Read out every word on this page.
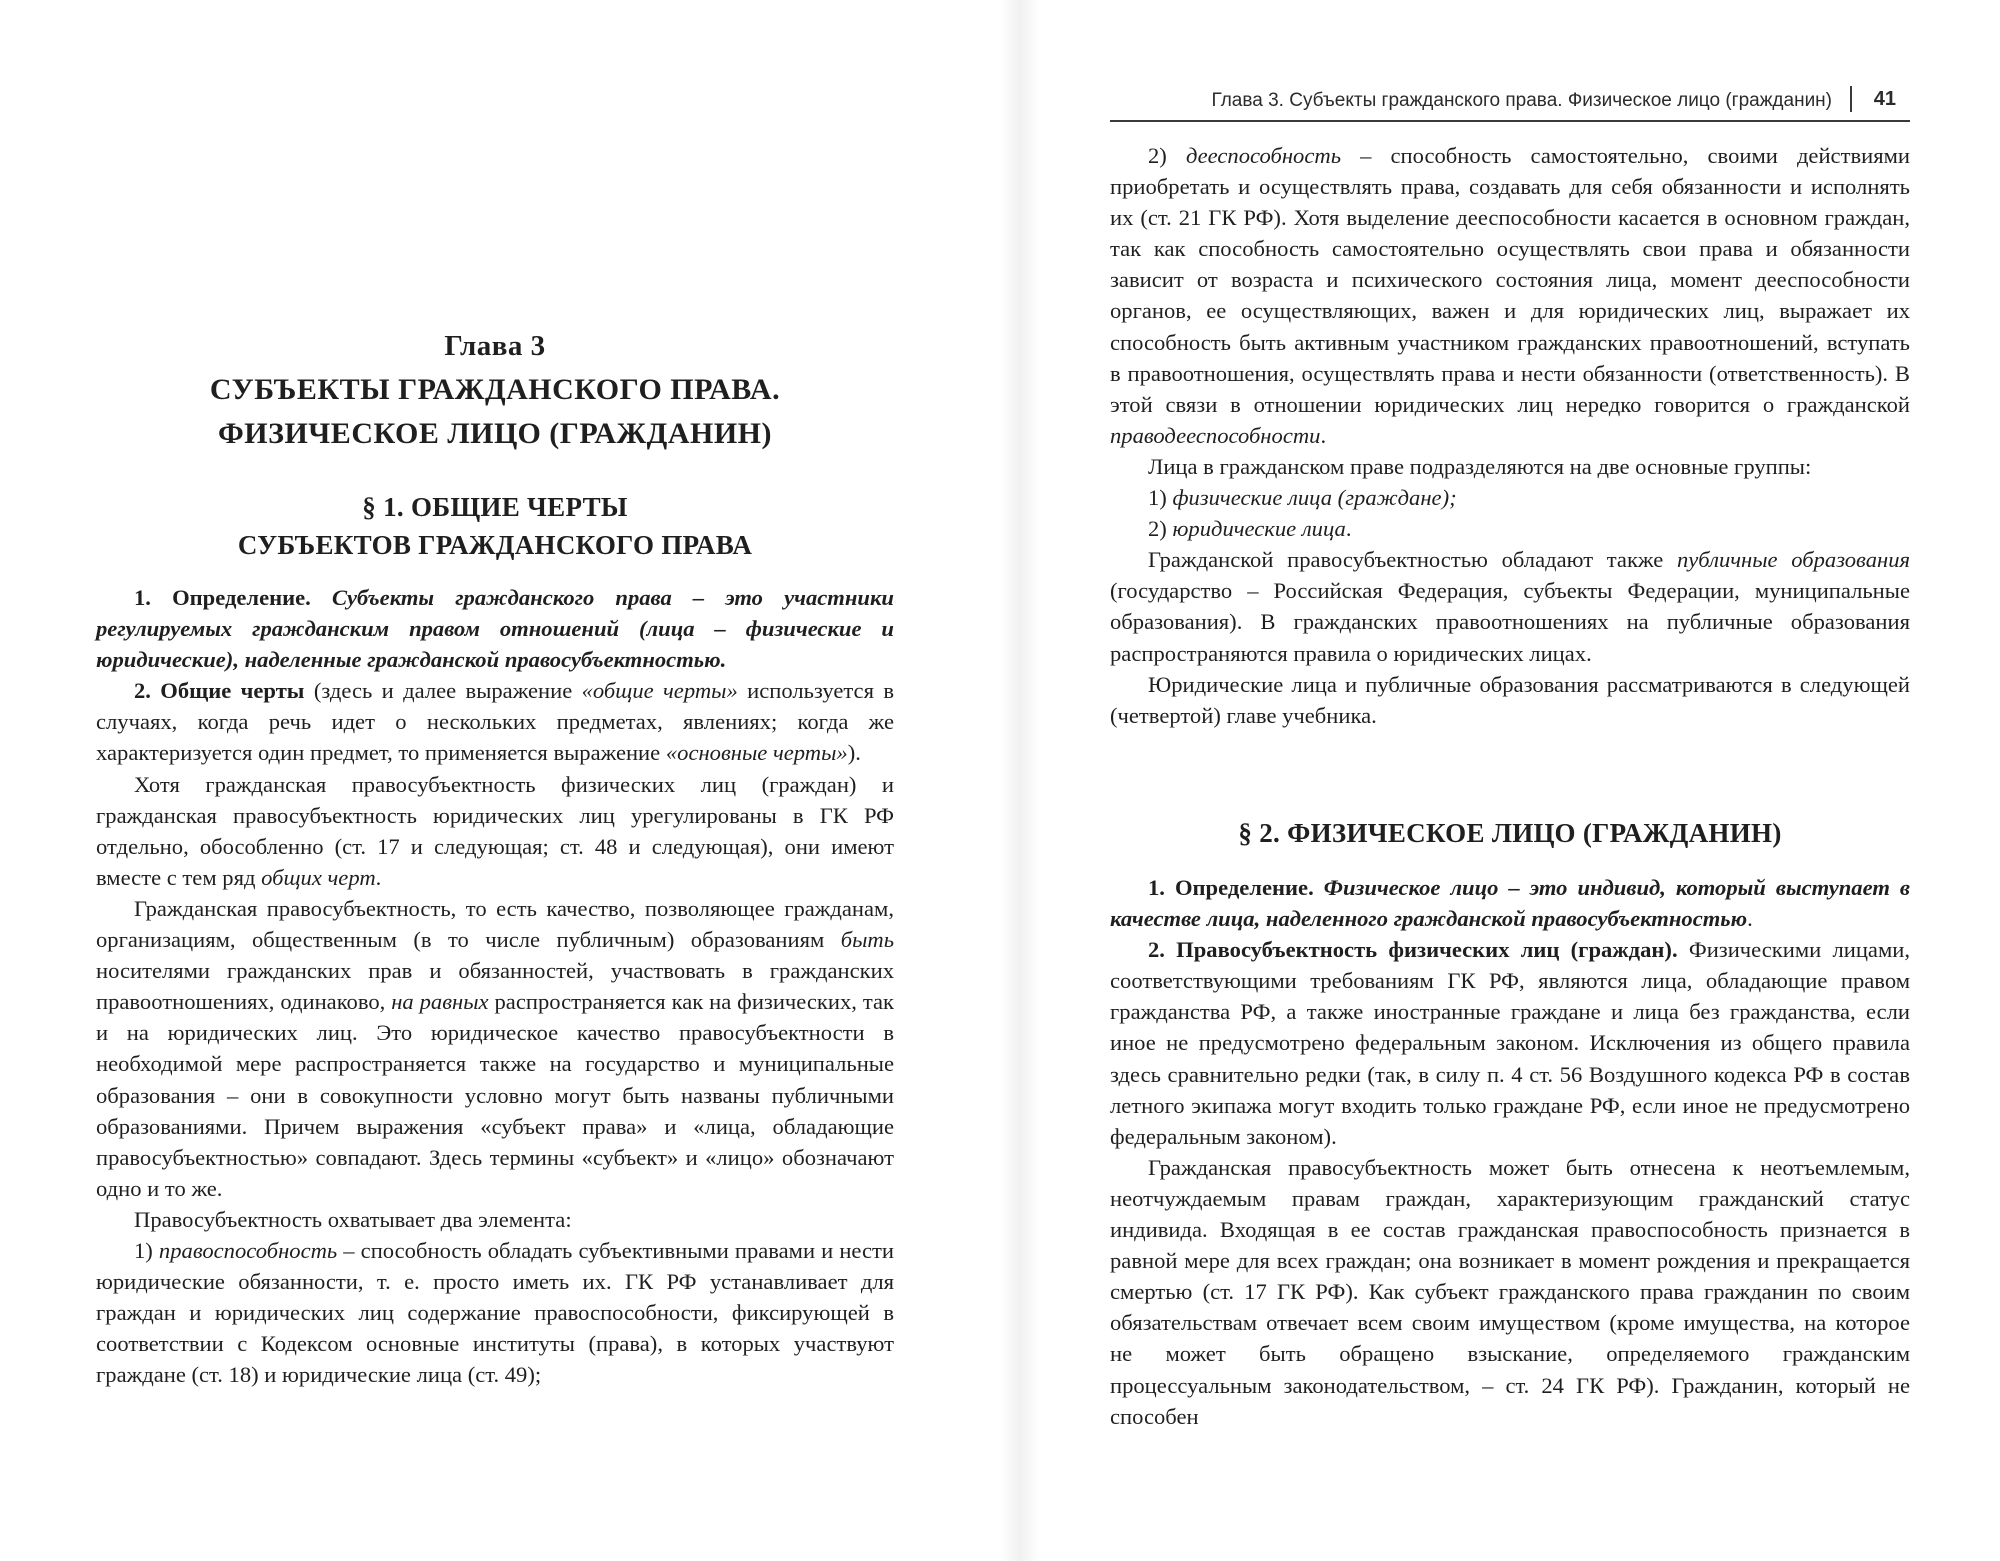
Глава 3
СУБЪЕКТЫ ГРАЖДАНСКОГО ПРАВА.
ФИЗИЧЕСКОЕ ЛИЦО (ГРАЖДАНИН)
§ 1. ОБЩИЕ ЧЕРТЫ
СУБЪЕКТОВ ГРАЖДАНСКОГО ПРАВА

1. Определение. Субъекты гражданского права – это участники регулируемых гражданским правом отношений (лица – физические и юридические), наделенные гражданской правосубъектностью.

2. Общие черты (здесь и далее выражение «общие черты» используется в случаях, когда речь идет о нескольких предметах, явлениях; когда же характеризуется один предмет, то применяется выражение «основные черты»).

Хотя гражданская правосубъектность физических лиц (граждан) и гражданская правосубъектность юридических лиц урегулированы в ГК РФ отдельно, обособленно (ст. 17 и следующая; ст. 48 и следующая), они имеют вместе с тем ряд общих черт.

Гражданская правосубъектность, то есть качество, позволяющее гражданам, организациям, общественным (в то числе публичным) образованиям быть носителями гражданских прав и обязанностей, участвовать в гражданских правоотношениях, одинаково, на равных распространяется как на физических, так и на юридических лиц. Это юридическое качество правосубъектности в необходимой мере распространяется также на государство и муниципальные образования – они в совокупности условно могут быть названы публичными образованиями. Причем выражения «субъект права» и «лица, обладающие правосубъектностью» совпадают. Здесь термины «субъект» и «лицо» обозначают одно и то же.

Правосубъектность охватывает два элемента:

1) правоспособность – способность обладать субъективными правами и нести юридические обязанности, т. е. просто иметь их. ГК РФ устанавливает для граждан и юридических лиц содержание правоспособности, фиксирующей в соответствии с Кодексом основные институты (права), в которых участвуют граждане (ст. 18) и юридические лица (ст. 49);

Глава 3. Субъекты гражданского права. Физическое лицо (гражданин) 41

2) дееспособность – способность самостоятельно, своими действиями приобретать и осуществлять права, создавать для себя обязанности и исполнять их (ст. 21 ГК РФ). Хотя выделение дееспособности касается в основном граждан, так как способность самостоятельно осуществлять свои права и обязанности зависит от возраста и психического состояния лица, момент дееспособности органов, ее осуществляющих, важен и для юридических лиц, выражает их способность быть активным участником гражданских правоотношений, вступать в правоотношения, осуществлять права и нести обязанности (ответственность). В этой связи в отношении юридических лиц нередко говорится о гражданской праводееспособности.

Лица в гражданском праве подразделяются на две основные группы:

1) физические лица (граждане);

2) юридические лица.

Гражданской правосубъектностью обладают также публичные образования (государство – Российская Федерация, субъекты Федерации, муниципальные образования). В гражданских правоотношениях на публичные образования распространяются правила о юридических лицах.

Юридические лица и публичные образования рассматриваются в следующей (четвертой) главе учебника.

§ 2. ФИЗИЧЕСКОЕ ЛИЦО (ГРАЖДАНИН)

1. Определение. Физическое лицо – это индивид, который выступает в качестве лица, наделенного гражданской правосубъектностью.

2. Правосубъектность физических лиц (граждан). Физическими лицами, соответствующими требованиям ГК РФ, являются лица, обладающие правом гражданства РФ, а также иностранные граждане и лица без гражданства, если иное не предусмотрено федеральным законом. Исключения из общего правила здесь сравнительно редки (так, в силу п. 4 ст. 56 Воздушного кодекса РФ в состав летного экипажа могут входить только граждане РФ, если иное не предусмотрено федеральным законом).

Гражданская правосубъектность может быть отнесена к неотъемлемым, неотчуждаемым правам граждан, характеризующим гражданский статус индивида. Входящая в ее состав гражданская правоспособность признается в равной мере для всех граждан; она возникает в момент рождения и прекращается смертью (ст. 17 ГК РФ). Как субъект гражданского права гражданин по своим обязательствам отвечает всем своим имуществом (кроме имущества, на которое не может быть обращено взыскание, определяемого гражданским процессуальным законодательством, – ст. 24 ГК РФ). Гражданин, который не способен
